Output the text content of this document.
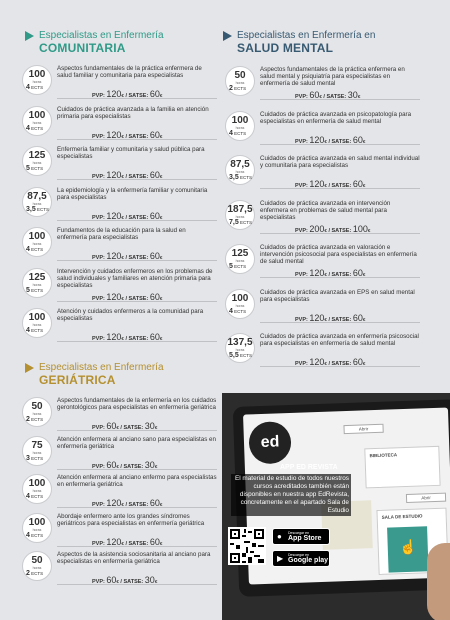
Especialistas en Enfermería
COMUNITARIA
100
horas
4 ECTS
Aspectos fundamentales de la práctica enfermera de salud familiar y comunitaria para especialistas
PVP: 120€ / SATSE: 60€
100
horas
4 ECTS
Cuidados de práctica avanzada a la familia en atención primaria para especialistas
PVP: 120€ / SATSE: 60€
125
horas
5 ECTS
Enfermería familiar y comunitaria y salud pública para especialistas
PVP: 120€ / SATSE: 60€
87,5
horas
3,5 ECTS
La epidemiología y la enfermería familiar y comunitaria para especialistas
PVP: 120€ / SATSE: 60€
100
horas
4 ECTS
Fundamentos de la educación para la salud en enfermería para especialistas
PVP: 120€ / SATSE: 60€
125
horas
5 ECTS
Intervención y cuidados enfermeros en los problemas de salud individuales y familiares en atención primaria para especialistas
PVP: 120€ / SATSE: 60€
100
horas
4 ECTS
Atención y cuidados enfermeros a la comunidad para especialistas
PVP: 120€ / SATSE: 60€
Especialistas en Enfermería en
SALUD MENTAL
50
horas
2 ECTS
Aspectos fundamentales de la práctica enfermera en salud mental y psiquiatría para especialistas en enfermería de salud mental
PVP: 60€ / SATSE: 30€
100
horas
4 ECTS
Cuidados de práctica avanzada en psicopatología para especialistas en enfermería de salud mental
PVP: 120€ / SATSE: 60€
87,5
horas
3,5 ECTS
Cuidados de práctica avanzada en salud mental individual y comunitaria para especialistas
PVP: 120€ / SATSE: 60€
187,5
horas
7,5 ECTS
Cuidados de práctica avanzada en intervención enfermera en problemas de salud mental para especialistas
PVP: 200€ / SATSE: 100€
125
horas
5 ECTS
Cuidados de práctica avanzada en valoración e intervención psicosocial para especialistas en enfermería de salud mental
PVP: 120€ / SATSE: 60€
100
horas
4 ECTS
Cuidados de práctica avanzada en EPS en salud mental para especialistas
PVP: 120€ / SATSE: 60€
137,5
horas
5,5 ECTS
Cuidados de práctica avanzada en enfermería psicosocial para especialistas en enfermería de salud mental
PVP: 120€ / SATSE: 60€
Especialistas en Enfermería
GERIÁTRICA
50
horas
2 ECTS
Aspectos fundamentales de la enfermería en los cuidados gerontológicos para especialistas en enfermería geriátrica
PVP: 60€ / SATSE: 30€
75
horas
3 ECTS
Atención enfermera al anciano sano para especialistas en enfermería geriátrica
PVP: 60€ / SATSE: 30€
100
horas
4 ECTS
Atención enfermera al anciano enfermo para especialistas en enfermería geriátrica
PVP: 120€ / SATSE: 60€
100
horas
4 ECTS
Abordaje enfermero ante los grandes síndromes geriátricos para especialistas en enfermería geriátrica
PVP: 120€ / SATSE: 60€
50
horas
2 ECTS
Aspectos de la asistencia sociosanitaria al anciano para especialistas en enfermería geriátrica
PVP: 60€ / SATSE: 30€
ed
Abrir
BIBLIOTECA
Abrir
SALA DE ESTUDIO
☝
APP ED REVISTA
El material de estudio de todos nuestros cursos acreditados también están disponibles en nuestra app EdRevista, concretamente en el apartado Sala de Estudio
●	Descargar en
App Store
▶	Descargar en
Google play
